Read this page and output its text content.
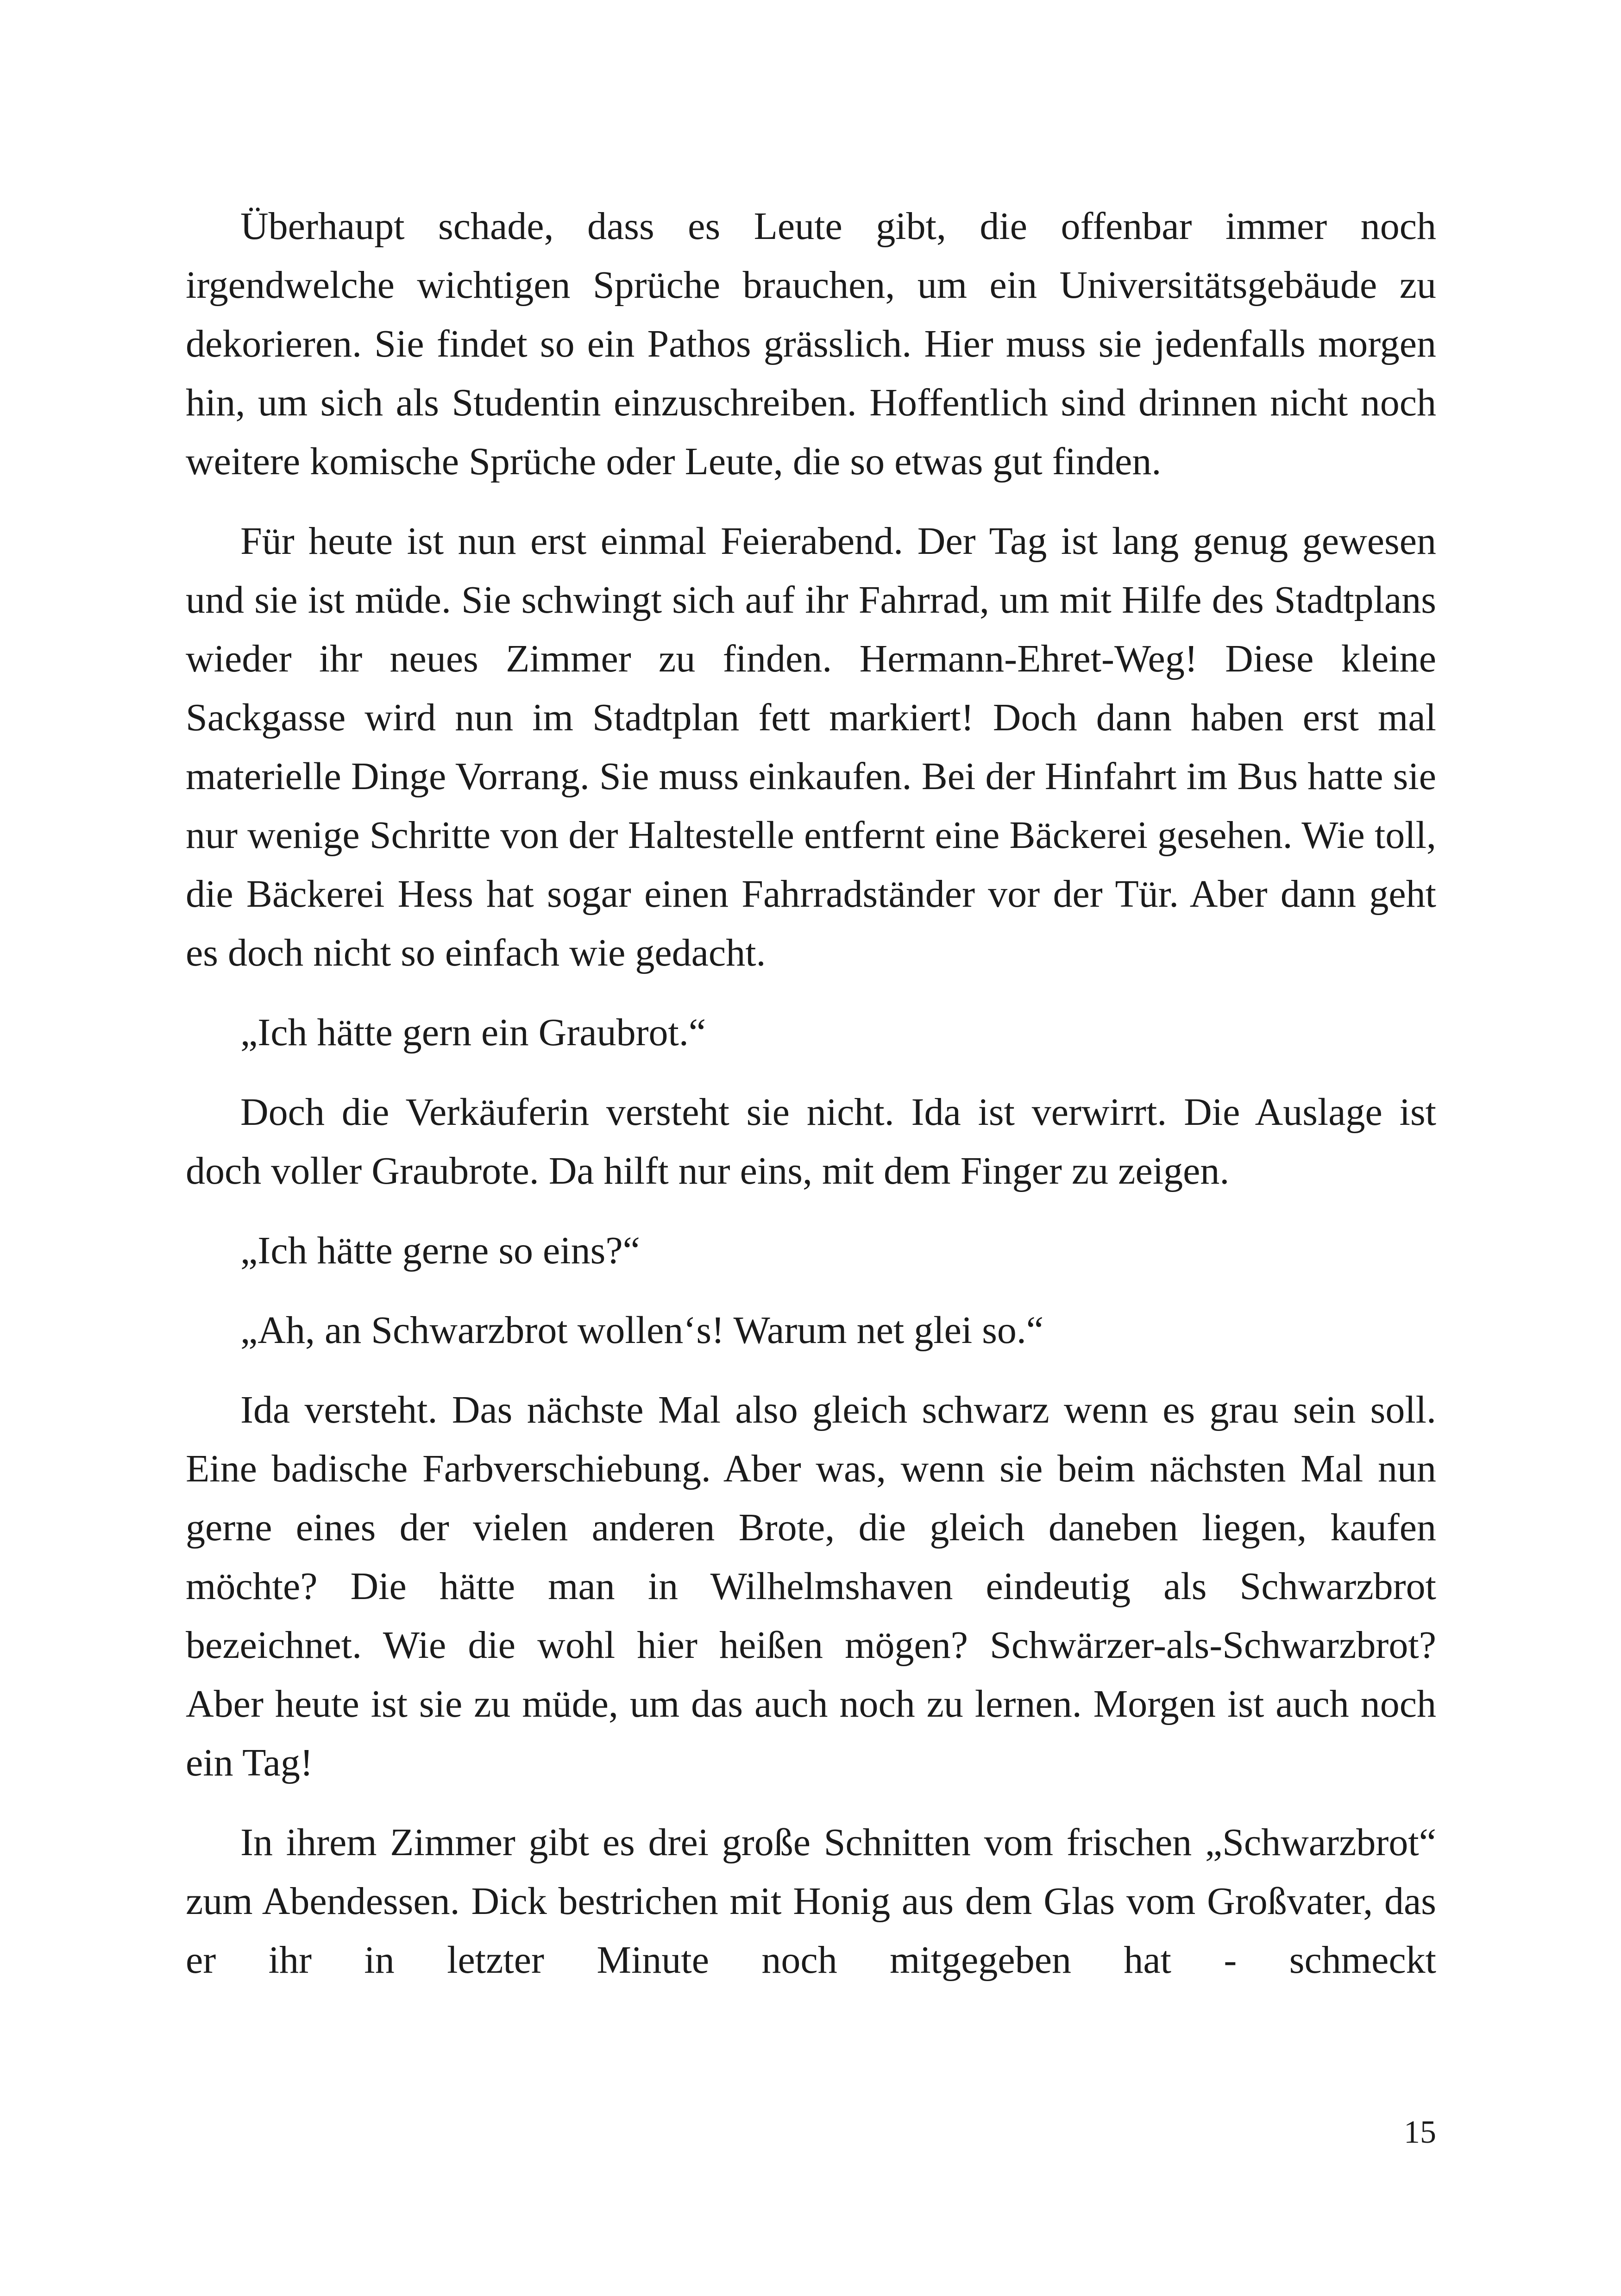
Überhaupt schade, dass es Leute gibt, die offenbar immer noch irgendwelche wichtigen Sprüche brauchen, um ein Universitätsgebäude zu dekorieren. Sie findet so ein Pathos grässlich. Hier muss sie jedenfalls morgen hin, um sich als Studentin einzuschreiben. Hoffentlich sind drinnen nicht noch weitere komische Sprüche oder Leute, die so etwas gut finden.

Für heute ist nun erst einmal Feierabend. Der Tag ist lang genug gewesen und sie ist müde. Sie schwingt sich auf ihr Fahrrad, um mit Hilfe des Stadtplans wieder ihr neues Zimmer zu finden. Hermann-Ehret-Weg! Diese kleine Sackgasse wird nun im Stadtplan fett markiert! Doch dann haben erst mal materielle Dinge Vorrang. Sie muss einkaufen. Bei der Hinfahrt im Bus hatte sie nur wenige Schritte von der Haltestelle entfernt eine Bäckerei gesehen. Wie toll, die Bäckerei Hess hat sogar einen Fahrradständer vor der Tür. Aber dann geht es doch nicht so einfach wie gedacht.

„Ich hätte gern ein Graubrot.“

Doch die Verkäuferin versteht sie nicht. Ida ist verwirrt. Die Auslage ist doch voller Graubrote. Da hilft nur eins, mit dem Finger zu zeigen.

„Ich hätte gerne so eins?“

„Ah, an Schwarzbrot wollen‘s! Warum net glei so.“

Ida versteht. Das nächste Mal also gleich schwarz wenn es grau sein soll. Eine badische Farbverschiebung. Aber was, wenn sie beim nächsten Mal nun gerne eines der vielen anderen Brote, die gleich daneben liegen, kaufen möchte? Die hätte man in Wilhelmshaven eindeutig als Schwarzbrot bezeichnet. Wie die wohl hier heißen mögen? Schwärzer-als-Schwarzbrot? Aber heute ist sie zu müde, um das auch noch zu lernen. Morgen ist auch noch ein Tag!

In ihrem Zimmer gibt es drei große Schnitten vom frischen „Schwarzbrot“ zum Abendessen. Dick bestrichen mit Honig aus dem Glas vom Großvater, das er ihr in letzter Minute noch mitgegeben hat - schmeckt

15
